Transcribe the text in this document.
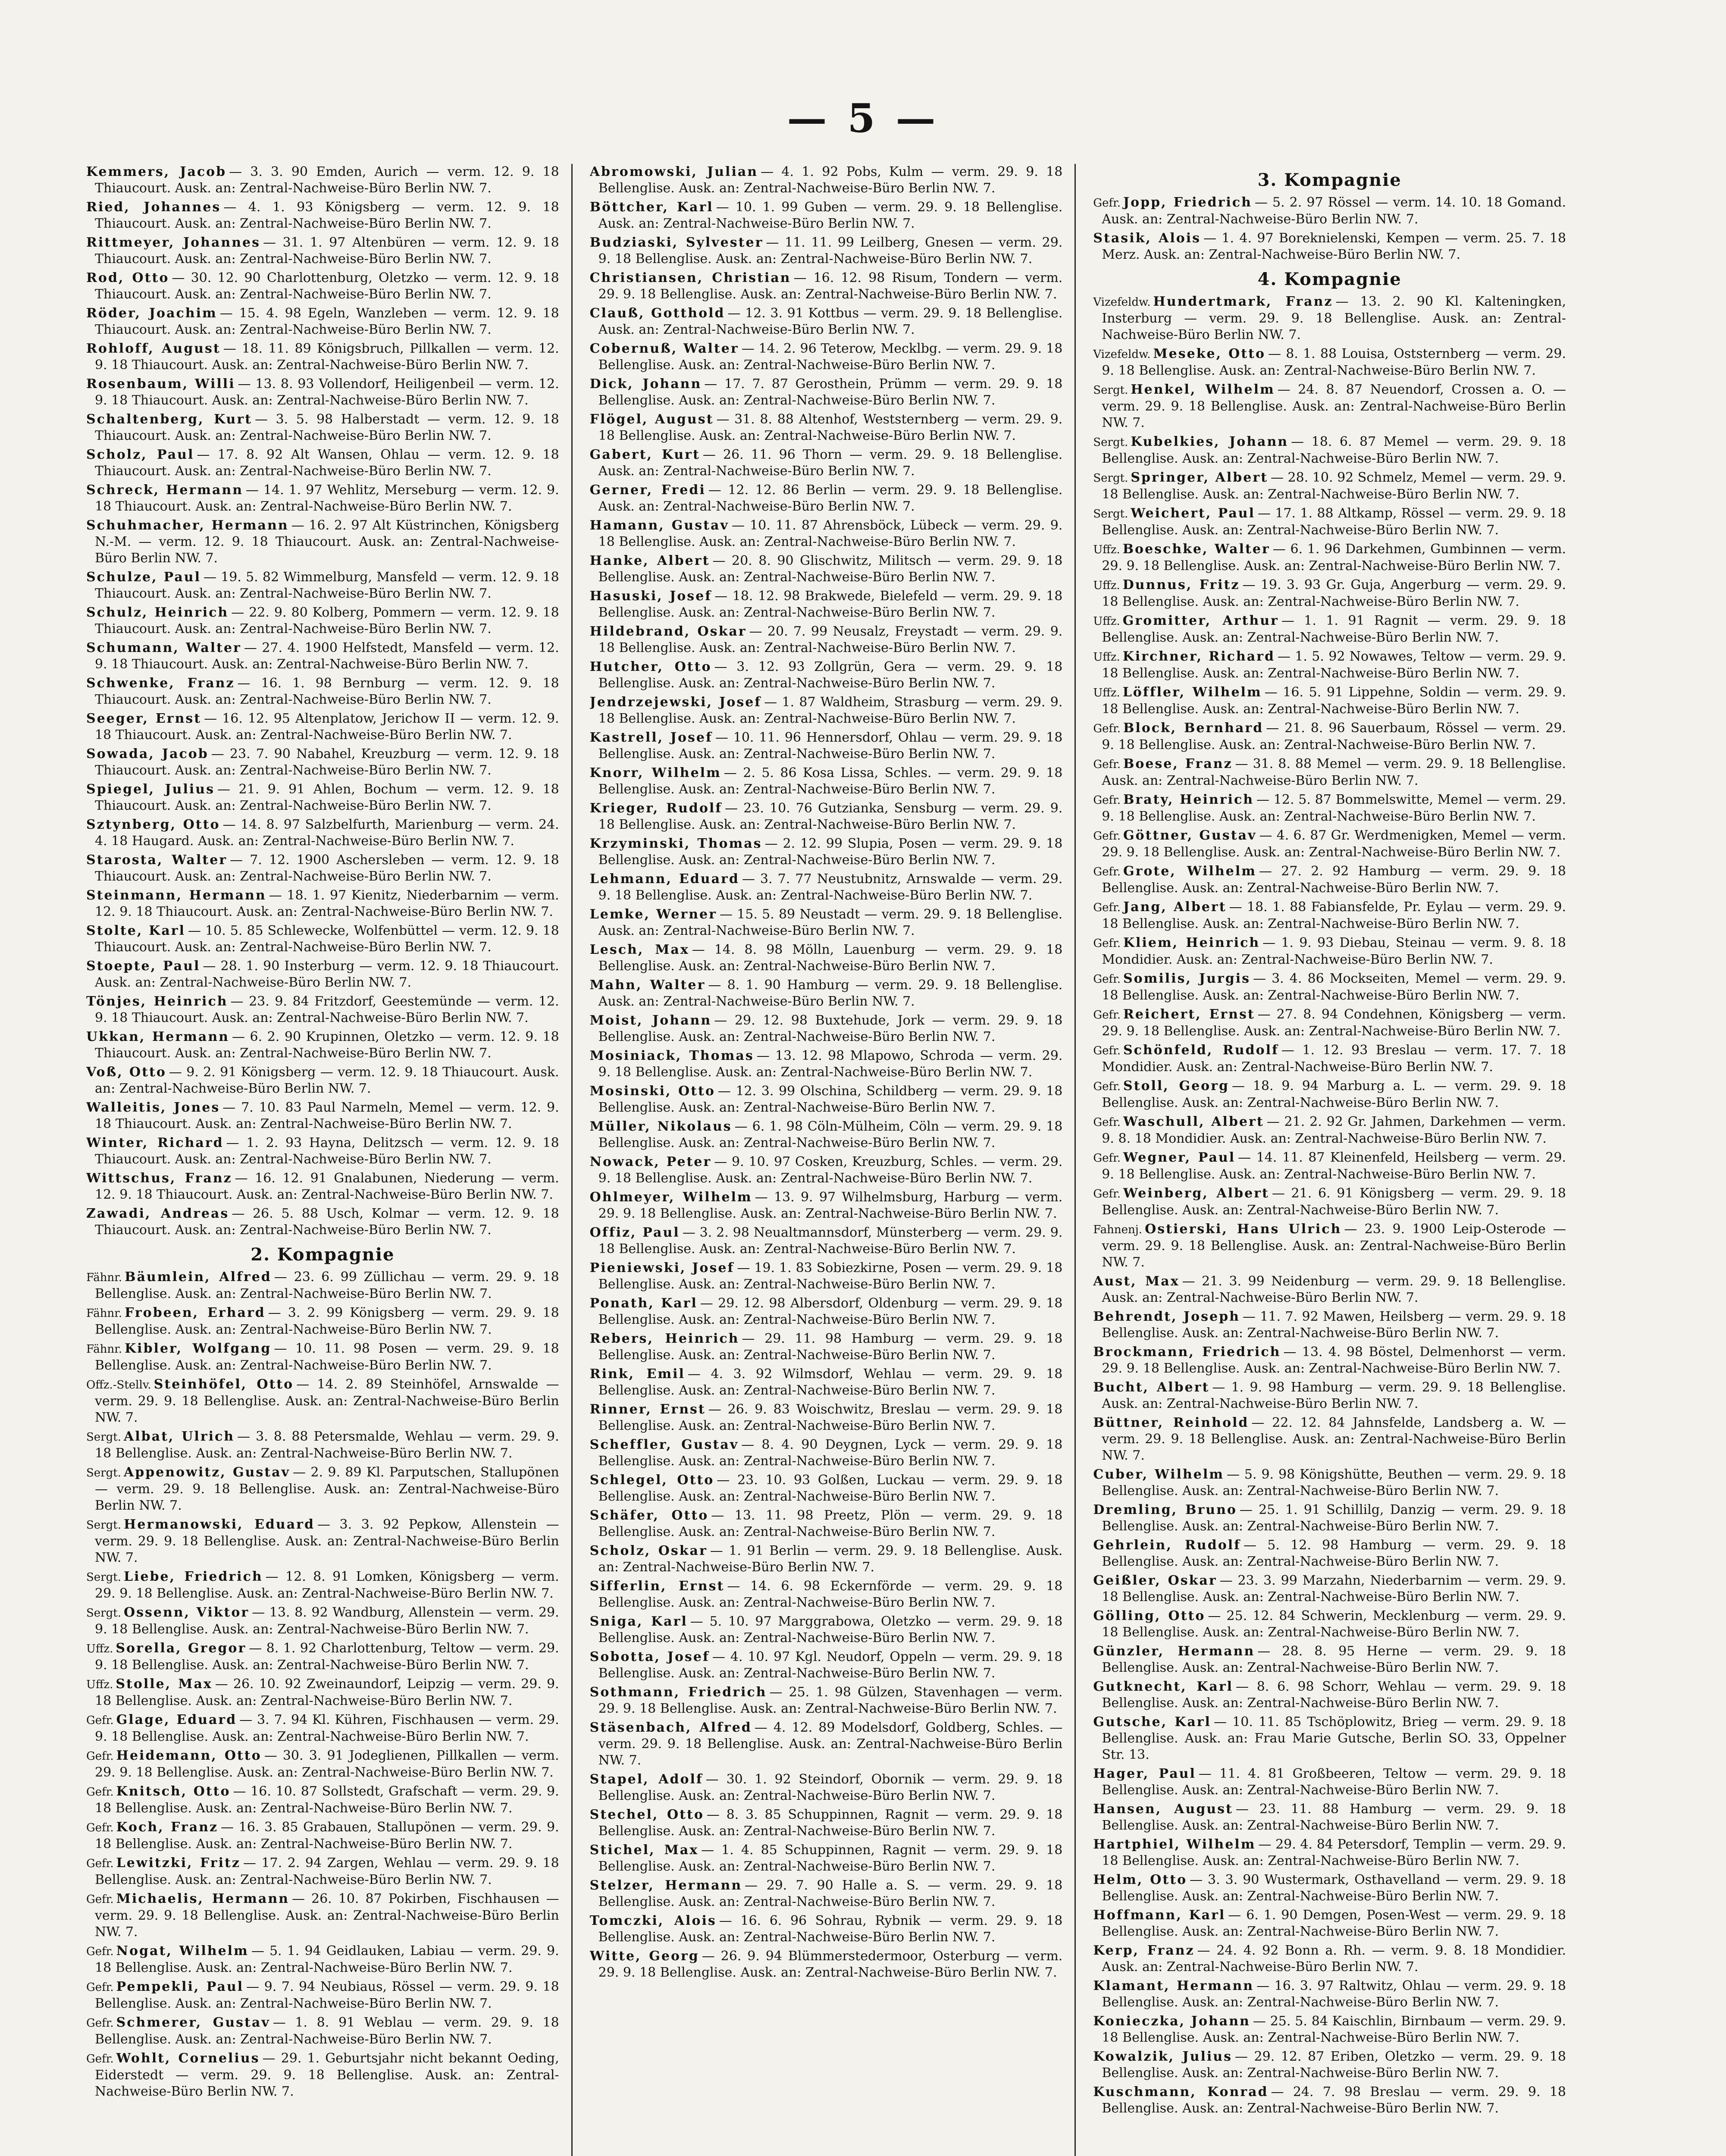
— 5 —

Kemmers, Jacob — 3. 3. 90 Emden, Aurich — verm. 12. 9. 18 Thiaucourt. Ausk. an: Zentral-Nachweise-Büro Berlin NW. 7.

Ried, Johannes — 4. 1. 93 Königsberg — verm. 12. 9. 18 Thiaucourt. Ausk. an: Zentral-Nachweise-Büro Berlin NW. 7.

Rittmeyer, Johannes — 31. 1. 97 Altenbüren — verm. 12. 9. 18 Thiaucourt. Ausk. an: Zentral-Nachweise-Büro Berlin NW. 7.

Rod, Otto — 30. 12. 90 Charlottenburg, Oletzko — verm. 12. 9. 18 Thiaucourt. Ausk. an: Zentral-Nachweise-Büro Berlin NW. 7.

Röder, Joachim — 15. 4. 98 Egeln, Wanzleben — verm. 12. 9. 18 Thiaucourt. Ausk. an: Zentral-Nachweise-Büro Berlin NW. 7.

Rohloff, August — 18. 11. 89 Königsbruch, Pillkallen — verm. 12. 9. 18 Thiaucourt. Ausk. an: Zentral-Nachweise-Büro Berlin NW. 7.

Rosenbaum, Willi — 13. 8. 93 Vollendorf, Heiligenbeil — verm. 12. 9. 18 Thiaucourt. Ausk. an: Zentral-Nachweise-Büro Berlin NW. 7.

Schaltenberg, Kurt — 3. 5. 98 Halberstadt — verm. 12. 9. 18 Thiaucourt. Ausk. an: Zentral-Nachweise-Büro Berlin NW. 7.

Scholz, Paul — 17. 8. 92 Alt Wansen, Ohlau — verm. 12. 9. 18 Thiaucourt. Ausk. an: Zentral-Nachweise-Büro Berlin NW. 7.

Schreck, Hermann — 14. 1. 97 Wehlitz, Merseburg — verm. 12. 9. 18 Thiaucourt. Ausk. an: Zentral-Nachweise-Büro Berlin NW. 7.

Schuhmacher, Hermann — 16. 2. 97 Alt Küstrinchen, Königsberg N.-M. — verm. 12. 9. 18 Thiaucourt. Ausk. an: Zentral-Nachweise-Büro Berlin NW. 7.

Schulze, Paul — 19. 5. 82 Wimmelburg, Mansfeld — verm. 12. 9. 18 Thiaucourt. Ausk. an: Zentral-Nachweise-Büro Berlin NW. 7.

Schulz, Heinrich — 22. 9. 80 Kolberg, Pommern — verm. 12. 9. 18 Thiaucourt. Ausk. an: Zentral-Nachweise-Büro Berlin NW. 7.

Schumann, Walter — 27. 4. 1900 Helfstedt, Mansfeld — verm. 12. 9. 18 Thiaucourt. Ausk. an: Zentral-Nachweise-Büro Berlin NW. 7.

Schwenke, Franz — 16. 1. 98 Bernburg — verm. 12. 9. 18 Thiaucourt. Ausk. an: Zentral-Nachweise-Büro Berlin NW. 7.

Seeger, Ernst — 16. 12. 95 Altenplatow, Jerichow II — verm. 12. 9. 18 Thiaucourt. Ausk. an: Zentral-Nachweise-Büro Berlin NW. 7.

Sowada, Jacob — 23. 7. 90 Nabahel, Kreuzburg — verm. 12. 9. 18 Thiaucourt. Ausk. an: Zentral-Nachweise-Büro Berlin NW. 7.

Spiegel, Julius — 21. 9. 91 Ahlen, Bochum — verm. 12. 9. 18 Thiaucourt. Ausk. an: Zentral-Nachweise-Büro Berlin NW. 7.

Sztynberg, Otto — 14. 8. 97 Salzbelfurth, Marienburg — verm. 24. 4. 18 Haugard. Ausk. an: Zentral-Nachweise-Büro Berlin NW. 7.

Starosta, Walter — 7. 12. 1900 Aschersleben — verm. 12. 9. 18 Thiaucourt. Ausk. an: Zentral-Nachweise-Büro Berlin NW. 7.

Steinmann, Hermann — 18. 1. 97 Kienitz, Niederbarnim — verm. 12. 9. 18 Thiaucourt. Ausk. an: Zentral-Nachweise-Büro Berlin NW. 7.

Stolte, Karl — 10. 5. 85 Schlewecke, Wolfenbüttel — verm. 12. 9. 18 Thiaucourt. Ausk. an: Zentral-Nachweise-Büro Berlin NW. 7.

Stoepte, Paul — 28. 1. 90 Insterburg — verm. 12. 9. 18 Thiaucourt. Ausk. an: Zentral-Nachweise-Büro Berlin NW. 7.

Tönjes, Heinrich — 23. 9. 84 Fritzdorf, Geestemünde — verm. 12. 9. 18 Thiaucourt. Ausk. an: Zentral-Nachweise-Büro Berlin NW. 7.

Ukkan, Hermann — 6. 2. 90 Krupinnen, Oletzko — verm. 12. 9. 18 Thiaucourt. Ausk. an: Zentral-Nachweise-Büro Berlin NW. 7.

Voß, Otto — 9. 2. 91 Königsberg — verm. 12. 9. 18 Thiaucourt. Ausk. an: Zentral-Nachweise-Büro Berlin NW. 7.

Walleitis, Jones — 7. 10. 83 Paul Narmeln, Memel — verm. 12. 9. 18 Thiaucourt. Ausk. an: Zentral-Nachweise-Büro Berlin NW. 7.

Winter, Richard — 1. 2. 93 Hayna, Delitzsch — verm. 12. 9. 18 Thiaucourt. Ausk. an: Zentral-Nachweise-Büro Berlin NW. 7.

Wittschus, Franz — 16. 12. 91 Gnalabunen, Niederung — verm. 12. 9. 18 Thiaucourt. Ausk. an: Zentral-Nachweise-Büro Berlin NW. 7.

Zawadi, Andreas — 26. 5. 88 Usch, Kolmar — verm. 12. 9. 18 Thiaucourt. Ausk. an: Zentral-Nachweise-Büro Berlin NW. 7.

2. Kompagnie

Fähnr. Bäumlein, Alfred — 23. 6. 99 Züllichau — verm. 29. 9. 18 Bellenglise. Ausk. an: Zentral-Nachweise-Büro Berlin NW. 7.

Fähnr. Frobeen, Erhard — 3. 2. 99 Königsberg — verm. 29. 9. 18 Bellenglise. Ausk. an: Zentral-Nachweise-Büro Berlin NW. 7.

Fähnr. Kibler, Wolfgang — 10. 11. 98 Posen — verm. 29. 9. 18 Bellenglise. Ausk. an: Zentral-Nachweise-Büro Berlin NW. 7.

Offz.-Stellv. Steinhöfel, Otto — 14. 2. 89 Steinhöfel, Arnswalde — verm. 29. 9. 18 Bellenglise. Ausk. an: Zentral-Nachweise-Büro Berlin NW. 7.

Sergt. Albat, Ulrich — 3. 8. 88 Petersmalde, Wehlau — verm. 29. 9. 18 Bellenglise. Ausk. an: Zentral-Nachweise-Büro Berlin NW. 7.

Sergt. Appenowitz, Gustav — 2. 9. 89 Kl. Parputschen, Stallupönen — verm. 29. 9. 18 Bellenglise. Ausk. an: Zentral-Nachweise-Büro Berlin NW. 7.

Sergt. Hermanowski, Eduard — 3. 3. 92 Pepkow, Allenstein — verm. 29. 9. 18 Bellenglise. Ausk. an: Zentral-Nachweise-Büro Berlin NW. 7.

Sergt. Liebe, Friedrich — 12. 8. 91 Lomken, Königsberg — verm. 29. 9. 18 Bellenglise. Ausk. an: Zentral-Nachweise-Büro Berlin NW. 7.

Sergt. Ossenn, Viktor — 13. 8. 92 Wandburg, Allenstein — verm. 29. 9. 18 Bellenglise. Ausk. an: Zentral-Nachweise-Büro Berlin NW. 7.

Uffz. Sorella, Gregor — 8. 1. 92 Charlottenburg, Teltow — verm. 29. 9. 18 Bellenglise. Ausk. an: Zentral-Nachweise-Büro Berlin NW. 7.

Uffz. Stolle, Max — 26. 10. 92 Zweinaundorf, Leipzig — verm. 29. 9. 18 Bellenglise. Ausk. an: Zentral-Nachweise-Büro Berlin NW. 7.

Gefr. Glage, Eduard — 3. 7. 94 Kl. Kühren, Fischhausen — verm. 29. 9. 18 Bellenglise. Ausk. an: Zentral-Nachweise-Büro Berlin NW. 7.

Gefr. Heidemann, Otto — 30. 3. 91 Jodeglienen, Pillkallen — verm. 29. 9. 18 Bellenglise. Ausk. an: Zentral-Nachweise-Büro Berlin NW. 7.

Gefr. Knitsch, Otto — 16. 10. 87 Sollstedt, Grafschaft — verm. 29. 9. 18 Bellenglise. Ausk. an: Zentral-Nachweise-Büro Berlin NW. 7.

Gefr. Koch, Franz — 16. 3. 85 Grabauen, Stallupönen — verm. 29. 9. 18 Bellenglise. Ausk. an: Zentral-Nachweise-Büro Berlin NW. 7.

Gefr. Lewitzki, Fritz — 17. 2. 94 Zargen, Wehlau — verm. 29. 9. 18 Bellenglise. Ausk. an: Zentral-Nachweise-Büro Berlin NW. 7.

Gefr. Michaelis, Hermann — 26. 10. 87 Pokirben, Fischhausen — verm. 29. 9. 18 Bellenglise. Ausk. an: Zentral-Nachweise-Büro Berlin NW. 7.

Gefr. Nogat, Wilhelm — 5. 1. 94 Geidlauken, Labiau — verm. 29. 9. 18 Bellenglise. Ausk. an: Zentral-Nachweise-Büro Berlin NW. 7.

Gefr. Pempekli, Paul — 9. 7. 94 Neubiaus, Rössel — verm. 29. 9. 18 Bellenglise. Ausk. an: Zentral-Nachweise-Büro Berlin NW. 7.

Gefr. Schmerer, Gustav — 1. 8. 91 Weblau — verm. 29. 9. 18 Bellenglise. Ausk. an: Zentral-Nachweise-Büro Berlin NW. 7.

Gefr. Wohlt, Cornelius — 29. 1. Geburtsjahr nicht bekannt Oeding, Eiderstedt — verm. 29. 9. 18 Bellenglise. Ausk. an: Zentral-Nachweise-Büro Berlin NW. 7.

Abromowski, Julian — 4. 1. 92 Pobs, Kulm — verm. 29. 9. 18 Bellenglise. Ausk. an: Zentral-Nachweise-Büro Berlin NW. 7.

Böttcher, Karl — 10. 1. 99 Guben — verm. 29. 9. 18 Bellenglise. Ausk. an: Zentral-Nachweise-Büro Berlin NW. 7.

Budziaski, Sylvester — 11. 11. 99 Leilberg, Gnesen — verm. 29. 9. 18 Bellenglise. Ausk. an: Zentral-Nachweise-Büro Berlin NW. 7.

Christiansen, Christian — 16. 12. 98 Risum, Tondern — verm. 29. 9. 18 Bellenglise. Ausk. an: Zentral-Nachweise-Büro Berlin NW. 7.

Clauß, Gotthold — 12. 3. 91 Kottbus — verm. 29. 9. 18 Bellenglise. Ausk. an: Zentral-Nachweise-Büro Berlin NW. 7.

Cobernuß, Walter — 14. 2. 96 Teterow, Mecklbg. — verm. 29. 9. 18 Bellenglise. Ausk. an: Zentral-Nachweise-Büro Berlin NW. 7.

Dick, Johann — 17. 7. 87 Gerosthein, Prümm — verm. 29. 9. 18 Bellenglise. Ausk. an: Zentral-Nachweise-Büro Berlin NW. 7.

Flögel, August — 31. 8. 88 Altenhof, Weststernberg — verm. 29. 9. 18 Bellenglise. Ausk. an: Zentral-Nachweise-Büro Berlin NW. 7.

Gabert, Kurt — 26. 11. 96 Thorn — verm. 29. 9. 18 Bellenglise. Ausk. an: Zentral-Nachweise-Büro Berlin NW. 7.

Gerner, Fredi — 12. 12. 86 Berlin — verm. 29. 9. 18 Bellenglise. Ausk. an: Zentral-Nachweise-Büro Berlin NW. 7.

Hamann, Gustav — 10. 11. 87 Ahrensböck, Lübeck — verm. 29. 9. 18 Bellenglise. Ausk. an: Zentral-Nachweise-Büro Berlin NW. 7.

Hanke, Albert — 20. 8. 90 Glischwitz, Militsch — verm. 29. 9. 18 Bellenglise. Ausk. an: Zentral-Nachweise-Büro Berlin NW. 7.

Hasuski, Josef — 18. 12. 98 Brakwede, Bielefeld — verm. 29. 9. 18 Bellenglise. Ausk. an: Zentral-Nachweise-Büro Berlin NW. 7.

Hildebrand, Oskar — 20. 7. 99 Neusalz, Freystadt — verm. 29. 9. 18 Bellenglise. Ausk. an: Zentral-Nachweise-Büro Berlin NW. 7.

Hutcher, Otto — 3. 12. 93 Zollgrün, Gera — verm. 29. 9. 18 Bellenglise. Ausk. an: Zentral-Nachweise-Büro Berlin NW. 7.

Jendrzejewski, Josef — 1. 87 Waldheim, Strasburg — verm. 29. 9. 18 Bellenglise. Ausk. an: Zentral-Nachweise-Büro Berlin NW. 7.

Kastrell, Josef — 10. 11. 96 Hennersdorf, Ohlau — verm. 29. 9. 18 Bellenglise. Ausk. an: Zentral-Nachweise-Büro Berlin NW. 7.

Knorr, Wilhelm — 2. 5. 86 Kosa Lissa, Schles. — verm. 29. 9. 18 Bellenglise. Ausk. an: Zentral-Nachweise-Büro Berlin NW. 7.

Krieger, Rudolf — 23. 10. 76 Gutzianka, Sensburg — verm. 29. 9. 18 Bellenglise. Ausk. an: Zentral-Nachweise-Büro Berlin NW. 7.

Krzyminski, Thomas — 2. 12. 99 Slupia, Posen — verm. 29. 9. 18 Bellenglise. Ausk. an: Zentral-Nachweise-Büro Berlin NW. 7.

Lehmann, Eduard — 3. 7. 77 Neustubnitz, Arnswalde — verm. 29. 9. 18 Bellenglise. Ausk. an: Zentral-Nachweise-Büro Berlin NW. 7.

Lemke, Werner — 15. 5. 89 Neustadt — verm. 29. 9. 18 Bellenglise. Ausk. an: Zentral-Nachweise-Büro Berlin NW. 7.

Lesch, Max — 14. 8. 98 Mölln, Lauenburg — verm. 29. 9. 18 Bellenglise. Ausk. an: Zentral-Nachweise-Büro Berlin NW. 7.

Mahn, Walter — 8. 1. 90 Hamburg — verm. 29. 9. 18 Bellenglise. Ausk. an: Zentral-Nachweise-Büro Berlin NW. 7.

Moist, Johann — 29. 12. 98 Buxtehude, Jork — verm. 29. 9. 18 Bellenglise. Ausk. an: Zentral-Nachweise-Büro Berlin NW. 7.

Mosiniack, Thomas — 13. 12. 98 Mlapowo, Schroda — verm. 29. 9. 18 Bellenglise. Ausk. an: Zentral-Nachweise-Büro Berlin NW. 7.

Mosinski, Otto — 12. 3. 99 Olschina, Schildberg — verm. 29. 9. 18 Bellenglise. Ausk. an: Zentral-Nachweise-Büro Berlin NW. 7.

Müller, Nikolaus — 6. 1. 98 Cöln-Mülheim, Cöln — verm. 29. 9. 18 Bellenglise. Ausk. an: Zentral-Nachweise-Büro Berlin NW. 7.

Nowack, Peter — 9. 10. 97 Cosken, Kreuzburg, Schles. — verm. 29. 9. 18 Bellenglise. Ausk. an: Zentral-Nachweise-Büro Berlin NW. 7.

Ohlmeyer, Wilhelm — 13. 9. 97 Wilhelmsburg, Harburg — verm. 29. 9. 18 Bellenglise. Ausk. an: Zentral-Nachweise-Büro Berlin NW. 7.

Offiz, Paul — 3. 2. 98 Neualtmannsdorf, Münsterberg — verm. 29. 9. 18 Bellenglise. Ausk. an: Zentral-Nachweise-Büro Berlin NW. 7.

Pieniewski, Josef — 19. 1. 83 Sobiezkirne, Posen — verm. 29. 9. 18 Bellenglise. Ausk. an: Zentral-Nachweise-Büro Berlin NW. 7.

Ponath, Karl — 29. 12. 98 Albersdorf, Oldenburg — verm. 29. 9. 18 Bellenglise. Ausk. an: Zentral-Nachweise-Büro Berlin NW. 7.

Rebers, Heinrich — 29. 11. 98 Hamburg — verm. 29. 9. 18 Bellenglise. Ausk. an: Zentral-Nachweise-Büro Berlin NW. 7.

Rink, Emil — 4. 3. 92 Wilmsdorf, Wehlau — verm. 29. 9. 18 Bellenglise. Ausk. an: Zentral-Nachweise-Büro Berlin NW. 7.

Rinner, Ernst — 26. 9. 83 Woischwitz, Breslau — verm. 29. 9. 18 Bellenglise. Ausk. an: Zentral-Nachweise-Büro Berlin NW. 7.

Scheffler, Gustav — 8. 4. 90 Deygnen, Lyck — verm. 29. 9. 18 Bellenglise. Ausk. an: Zentral-Nachweise-Büro Berlin NW. 7.

Schlegel, Otto — 23. 10. 93 Golßen, Luckau — verm. 29. 9. 18 Bellenglise. Ausk. an: Zentral-Nachweise-Büro Berlin NW. 7.

Schäfer, Otto — 13. 11. 98 Preetz, Plön — verm. 29. 9. 18 Bellenglise. Ausk. an: Zentral-Nachweise-Büro Berlin NW. 7.

Scholz, Oskar — 1. 91 Berlin — verm. 29. 9. 18 Bellenglise. Ausk. an: Zentral-Nachweise-Büro Berlin NW. 7.

Sifferlin, Ernst — 14. 6. 98 Eckernförde — verm. 29. 9. 18 Bellenglise. Ausk. an: Zentral-Nachweise-Büro Berlin NW. 7.

Sniga, Karl — 5. 10. 97 Marggrabowa, Oletzko — verm. 29. 9. 18 Bellenglise. Ausk. an: Zentral-Nachweise-Büro Berlin NW. 7.

Sobotta, Josef — 4. 10. 97 Kgl. Neudorf, Oppeln — verm. 29. 9. 18 Bellenglise. Ausk. an: Zentral-Nachweise-Büro Berlin NW. 7.

Sothmann, Friedrich — 25. 1. 98 Gülzen, Stavenhagen — verm. 29. 9. 18 Bellenglise. Ausk. an: Zentral-Nachweise-Büro Berlin NW. 7.

Stäsenbach, Alfred — 4. 12. 89 Modelsdorf, Goldberg, Schles. — verm. 29. 9. 18 Bellenglise. Ausk. an: Zentral-Nachweise-Büro Berlin NW. 7.

Stapel, Adolf — 30. 1. 92 Steindorf, Obornik — verm. 29. 9. 18 Bellenglise. Ausk. an: Zentral-Nachweise-Büro Berlin NW. 7.

Stechel, Otto — 8. 3. 85 Schuppinnen, Ragnit — verm. 29. 9. 18 Bellenglise. Ausk. an: Zentral-Nachweise-Büro Berlin NW. 7.

Stichel, Max — 1. 4. 85 Schuppinnen, Ragnit — verm. 29. 9. 18 Bellenglise. Ausk. an: Zentral-Nachweise-Büro Berlin NW. 7.

Stelzer, Hermann — 29. 7. 90 Halle a. S. — verm. 29. 9. 18 Bellenglise. Ausk. an: Zentral-Nachweise-Büro Berlin NW. 7.

Tomczki, Alois — 16. 6. 96 Sohrau, Rybnik — verm. 29. 9. 18 Bellenglise. Ausk. an: Zentral-Nachweise-Büro Berlin NW. 7.

Witte, Georg — 26. 9. 94 Blümmerstedermoor, Osterburg — verm. 29. 9. 18 Bellenglise. Ausk. an: Zentral-Nachweise-Büro Berlin NW. 7.

3. Kompagnie

Gefr. Jopp, Friedrich — 5. 2. 97 Rössel — verm. 14. 10. 18 Gomand. Ausk. an: Zentral-Nachweise-Büro Berlin NW. 7.

Stasik, Alois — 1. 4. 97 Boreknielenski, Kempen — verm. 25. 7. 18 Merz. Ausk. an: Zentral-Nachweise-Büro Berlin NW. 7.

4. Kompagnie

Vizefeldw. Hundertmark, Franz — 13. 2. 90 Kl. Kalteningken, Insterburg — verm. 29. 9. 18 Bellenglise. Ausk. an: Zentral-Nachweise-Büro Berlin NW. 7.

Vizefeldw. Meseke, Otto — 8. 1. 88 Louisa, Oststernberg — verm. 29. 9. 18 Bellenglise. Ausk. an: Zentral-Nachweise-Büro Berlin NW. 7.

Sergt. Henkel, Wilhelm — 24. 8. 87 Neuendorf, Crossen a. O. — verm. 29. 9. 18 Bellenglise. Ausk. an: Zentral-Nachweise-Büro Berlin NW. 7.

Sergt. Kubelkies, Johann — 18. 6. 87 Memel — verm. 29. 9. 18 Bellenglise. Ausk. an: Zentral-Nachweise-Büro Berlin NW. 7.

Sergt. Springer, Albert — 28. 10. 92 Schmelz, Memel — verm. 29. 9. 18 Bellenglise. Ausk. an: Zentral-Nachweise-Büro Berlin NW. 7.

Sergt. Weichert, Paul — 17. 1. 88 Altkamp, Rössel — verm. 29. 9. 18 Bellenglise. Ausk. an: Zentral-Nachweise-Büro Berlin NW. 7.

Uffz. Boeschke, Walter — 6. 1. 96 Darkehmen, Gumbinnen — verm. 29. 9. 18 Bellenglise. Ausk. an: Zentral-Nachweise-Büro Berlin NW. 7.

Uffz. Dunnus, Fritz — 19. 3. 93 Gr. Guja, Angerburg — verm. 29. 9. 18 Bellenglise. Ausk. an: Zentral-Nachweise-Büro Berlin NW. 7.

Uffz. Gromitter, Arthur — 1. 1. 91 Ragnit — verm. 29. 9. 18 Bellenglise. Ausk. an: Zentral-Nachweise-Büro Berlin NW. 7.

Uffz. Kirchner, Richard — 1. 5. 92 Nowawes, Teltow — verm. 29. 9. 18 Bellenglise. Ausk. an: Zentral-Nachweise-Büro Berlin NW. 7.

Uffz. Löffler, Wilhelm — 16. 5. 91 Lippehne, Soldin — verm. 29. 9. 18 Bellenglise. Ausk. an: Zentral-Nachweise-Büro Berlin NW. 7.

Gefr. Block, Bernhard — 21. 8. 96 Sauerbaum, Rössel — verm. 29. 9. 18 Bellenglise. Ausk. an: Zentral-Nachweise-Büro Berlin NW. 7.

Gefr. Boese, Franz — 31. 8. 88 Memel — verm. 29. 9. 18 Bellenglise. Ausk. an: Zentral-Nachweise-Büro Berlin NW. 7.

Gefr. Braty, Heinrich — 12. 5. 87 Bommelswitte, Memel — verm. 29. 9. 18 Bellenglise. Ausk. an: Zentral-Nachweise-Büro Berlin NW. 7.

Gefr. Göttner, Gustav — 4. 6. 87 Gr. Werdmenigken, Memel — verm. 29. 9. 18 Bellenglise. Ausk. an: Zentral-Nachweise-Büro Berlin NW. 7.

Gefr. Grote, Wilhelm — 27. 2. 92 Hamburg — verm. 29. 9. 18 Bellenglise. Ausk. an: Zentral-Nachweise-Büro Berlin NW. 7.

Gefr. Jang, Albert — 18. 1. 88 Fabiansfelde, Pr. Eylau — verm. 29. 9. 18 Bellenglise. Ausk. an: Zentral-Nachweise-Büro Berlin NW. 7.

Gefr. Kliem, Heinrich — 1. 9. 93 Diebau, Steinau — verm. 9. 8. 18 Mondidier. Ausk. an: Zentral-Nachweise-Büro Berlin NW. 7.

Gefr. Somilis, Jurgis — 3. 4. 86 Mockseiten, Memel — verm. 29. 9. 18 Bellenglise. Ausk. an: Zentral-Nachweise-Büro Berlin NW. 7.

Gefr. Reichert, Ernst — 27. 8. 94 Condehnen, Königsberg — verm. 29. 9. 18 Bellenglise. Ausk. an: Zentral-Nachweise-Büro Berlin NW. 7.

Gefr. Schönfeld, Rudolf — 1. 12. 93 Breslau — verm. 17. 7. 18 Mondidier. Ausk. an: Zentral-Nachweise-Büro Berlin NW. 7.

Gefr. Stoll, Georg — 18. 9. 94 Marburg a. L. — verm. 29. 9. 18 Bellenglise. Ausk. an: Zentral-Nachweise-Büro Berlin NW. 7.

Gefr. Waschull, Albert — 21. 2. 92 Gr. Jahmen, Darkehmen — verm. 9. 8. 18 Mondidier. Ausk. an: Zentral-Nachweise-Büro Berlin NW. 7.

Gefr. Wegner, Paul — 14. 11. 87 Kleinenfeld, Heilsberg — verm. 29. 9. 18 Bellenglise. Ausk. an: Zentral-Nachweise-Büro Berlin NW. 7.

Gefr. Weinberg, Albert — 21. 6. 91 Königsberg — verm. 29. 9. 18 Bellenglise. Ausk. an: Zentral-Nachweise-Büro Berlin NW. 7.

Fahnenj. Ostierski, Hans Ulrich — 23. 9. 1900 Leip-Osterode — verm. 29. 9. 18 Bellenglise. Ausk. an: Zentral-Nachweise-Büro Berlin NW. 7.

Aust, Max — 21. 3. 99 Neidenburg — verm. 29. 9. 18 Bellenglise. Ausk. an: Zentral-Nachweise-Büro Berlin NW. 7.

Behrendt, Joseph — 11. 7. 92 Mawen, Heilsberg — verm. 29. 9. 18 Bellenglise. Ausk. an: Zentral-Nachweise-Büro Berlin NW. 7.

Brockmann, Friedrich — 13. 4. 98 Böstel, Delmenhorst — verm. 29. 9. 18 Bellenglise. Ausk. an: Zentral-Nachweise-Büro Berlin NW. 7.

Bucht, Albert — 1. 9. 98 Hamburg — verm. 29. 9. 18 Bellenglise. Ausk. an: Zentral-Nachweise-Büro Berlin NW. 7.

Büttner, Reinhold — 22. 12. 84 Jahnsfelde, Landsberg a. W. — verm. 29. 9. 18 Bellenglise. Ausk. an: Zentral-Nachweise-Büro Berlin NW. 7.

Cuber, Wilhelm — 5. 9. 98 Königshütte, Beuthen — verm. 29. 9. 18 Bellenglise. Ausk. an: Zentral-Nachweise-Büro Berlin NW. 7.

Dremling, Bruno — 25. 1. 91 Schillilg, Danzig — verm. 29. 9. 18 Bellenglise. Ausk. an: Zentral-Nachweise-Büro Berlin NW. 7.

Gehrlein, Rudolf — 5. 12. 98 Hamburg — verm. 29. 9. 18 Bellenglise. Ausk. an: Zentral-Nachweise-Büro Berlin NW. 7.

Geißler, Oskar — 23. 3. 99 Marzahn, Niederbarnim — verm. 29. 9. 18 Bellenglise. Ausk. an: Zentral-Nachweise-Büro Berlin NW. 7.

Gölling, Otto — 25. 12. 84 Schwerin, Mecklenburg — verm. 29. 9. 18 Bellenglise. Ausk. an: Zentral-Nachweise-Büro Berlin NW. 7.

Günzler, Hermann — 28. 8. 95 Herne — verm. 29. 9. 18 Bellenglise. Ausk. an: Zentral-Nachweise-Büro Berlin NW. 7.

Gutknecht, Karl — 8. 6. 98 Schorr, Wehlau — verm. 29. 9. 18 Bellenglise. Ausk. an: Zentral-Nachweise-Büro Berlin NW. 7.

Gutsche, Karl — 10. 11. 85 Tschöplowitz, Brieg — verm. 29. 9. 18 Bellenglise. Ausk. an: Frau Marie Gutsche, Berlin SO. 33, Oppelner Str. 13.

Hager, Paul — 11. 4. 81 Großbeeren, Teltow — verm. 29. 9. 18 Bellenglise. Ausk. an: Zentral-Nachweise-Büro Berlin NW. 7.

Hansen, August — 23. 11. 88 Hamburg — verm. 29. 9. 18 Bellenglise. Ausk. an: Zentral-Nachweise-Büro Berlin NW. 7.

Hartphiel, Wilhelm — 29. 4. 84 Petersdorf, Templin — verm. 29. 9. 18 Bellenglise. Ausk. an: Zentral-Nachweise-Büro Berlin NW. 7.

Helm, Otto — 3. 3. 90 Wustermark, Osthavelland — verm. 29. 9. 18 Bellenglise. Ausk. an: Zentral-Nachweise-Büro Berlin NW. 7.

Hoffmann, Karl — 6. 1. 90 Demgen, Posen-West — verm. 29. 9. 18 Bellenglise. Ausk. an: Zentral-Nachweise-Büro Berlin NW. 7.

Kerp, Franz — 24. 4. 92 Bonn a. Rh. — verm. 9. 8. 18 Mondidier. Ausk. an: Zentral-Nachweise-Büro Berlin NW. 7.

Klamant, Hermann — 16. 3. 97 Raltwitz, Ohlau — verm. 29. 9. 18 Bellenglise. Ausk. an: Zentral-Nachweise-Büro Berlin NW. 7.

Konieczka, Johann — 25. 5. 84 Kaischlin, Birnbaum — verm. 29. 9. 18 Bellenglise. Ausk. an: Zentral-Nachweise-Büro Berlin NW. 7.

Kowalzik, Julius — 29. 12. 87 Eriben, Oletzko — verm. 29. 9. 18 Bellenglise. Ausk. an: Zentral-Nachweise-Büro Berlin NW. 7.

Kuschmann, Konrad — 24. 7. 98 Breslau — verm. 29. 9. 18 Bellenglise. Ausk. an: Zentral-Nachweise-Büro Berlin NW. 7.
